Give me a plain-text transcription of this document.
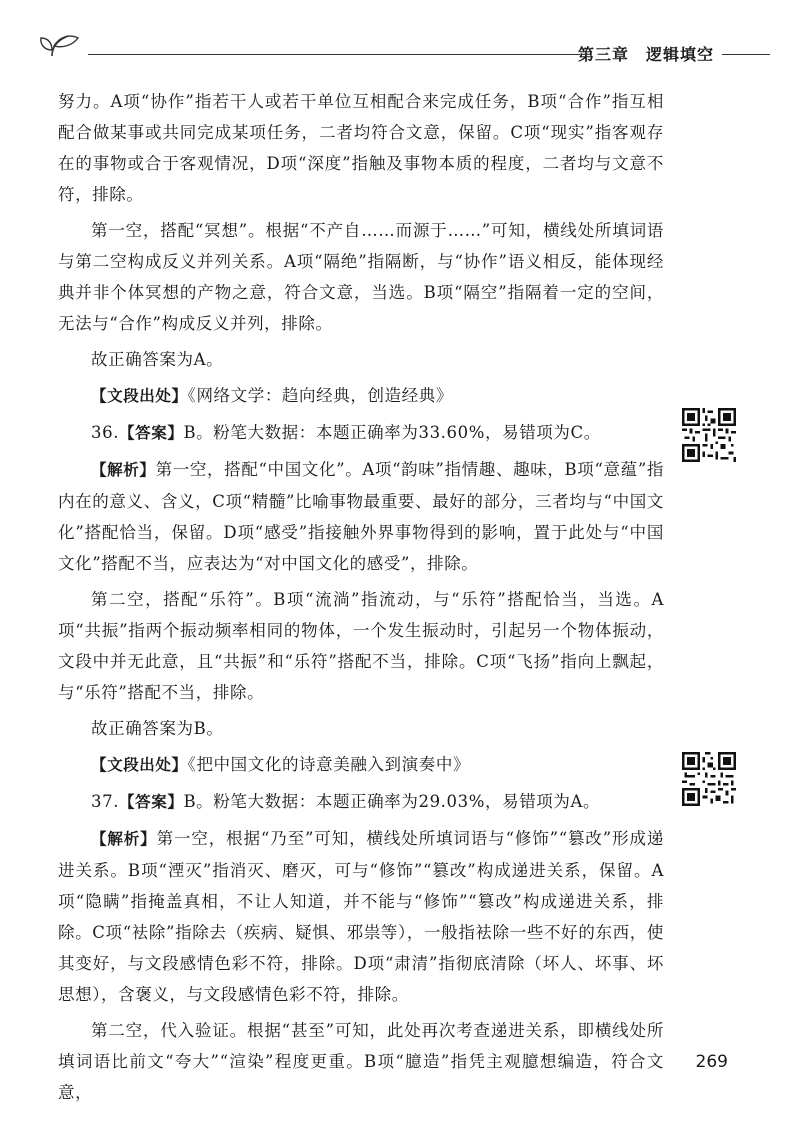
第三章　逻辑填空

努力。A项“协作”指若干人或若干单位互相配合来完成任务，B项“合作”指互相配合做某事或共同完成某项任务，二者均符合文意，保留。C项“现实”指客观存在的事物或合于客观情况，D项“深度”指触及事物本质的程度，二者均与文意不符，排除。

第一空，搭配“冥想”。根据“不产自……而源于……”可知，横线处所填词语与第二空构成反义并列关系。A项“隔绝”指隔断，与“协作”语义相反，能体现经典并非个体冥想的产物之意，符合文意，当选。B项“隔空”指隔着一定的空间，无法与“合作”构成反义并列，排除。

故正确答案为A。

【文段出处】《网络文学：趋向经典，创造经典》

36.【答案】B。粉笔大数据：本题正确率为33.60%，易错项为C。

【解析】第一空，搭配“中国文化”。A项“韵味”指情趣、趣味，B项“意蕴”指内在的意义、含义，C项“精髓”比喻事物最重要、最好的部分，三者均与“中国文化”搭配恰当，保留。D项“感受”指接触外界事物得到的影响，置于此处与“中国文化”搭配不当，应表达为“对中国文化的感受”，排除。

第二空，搭配“乐符”。B项“流淌”指流动，与“乐符”搭配恰当，当选。A项“共振”指两个振动频率相同的物体，一个发生振动时，引起另一个物体振动，文段中并无此意，且“共振”和“乐符”搭配不当，排除。C项“飞扬”指向上飘起，与“乐符”搭配不当，排除。

故正确答案为B。

【文段出处】《把中国文化的诗意美融入到演奏中》

37.【答案】B。粉笔大数据：本题正确率为29.03%，易错项为A。

【解析】第一空，根据“乃至”可知，横线处所填词语与“修饰”“篡改”形成递进关系。B项“湮灭”指消灭、磨灭，可与“修饰”“篡改”构成递进关系，保留。A项“隐瞒”指掩盖真相，不让人知道，并不能与“修饰”“篡改”构成递进关系，排除。C项“袪除”指除去（疾病、疑惧、邪祟等），一般指袪除一些不好的东西，使其变好，与文段感情色彩不符，排除。D项“肃清”指彻底清除（坏人、坏事、坏思想），含褒义，与文段感情色彩不符，排除。

第二空，代入验证。根据“甚至”可知，此处再次考查递进关系，即横线处所填词语比前文“夸大”“渲染”程度更重。B项“臆造”指凭主观臆想编造，符合文意，

269
